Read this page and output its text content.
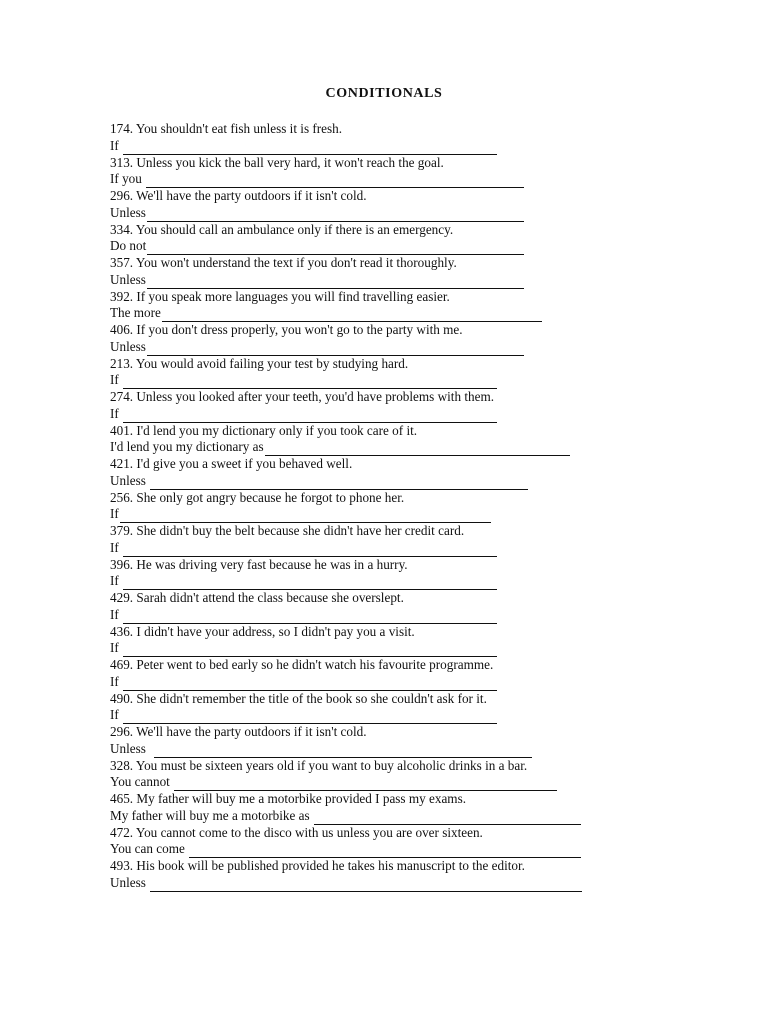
CONDITIONALS
174. You shouldn't eat fish unless it is fresh.
If
313. Unless you kick the ball very hard, it won't reach the goal.
If you
296. We'll have the party outdoors if it isn't cold.
Unless
334. You should call an ambulance only if there is an emergency.
Do not
357. You won't understand the text if you don't read it thoroughly.
Unless
392. If you speak more languages you will find travelling easier.
The more
406. If you don't dress properly, you won't go to the party with me.
Unless
213. You would avoid failing your test by studying hard.
If
274. Unless you looked after your teeth, you'd have problems with them.
If
401. I'd lend you my dictionary only if you took care of it.
I'd lend you my dictionary as
421. I'd give you a sweet if you behaved well.
Unless
256. She only got angry because he forgot to phone her.
If
379. She didn't buy the belt because she didn't have her credit card.
If
396. He was driving very fast because he was in a hurry.
If
429. Sarah didn't attend the class because she overslept.
If
436. I didn't have your address, so I didn't pay you a visit.
If
469. Peter went to bed early so he didn't watch his favourite programme.
If
490. She didn't remember the title of the book so she couldn't ask for it.
If
296. We'll have the party outdoors if it isn't cold.
Unless
328. You must be sixteen years old if you want to buy alcoholic drinks in a bar.
You cannot
465. My father will buy me a motorbike provided I pass my exams.
My father will buy me a motorbike as
472. You cannot come to the disco with us unless you are over sixteen.
You can come
493. His book will be published provided he takes his manuscript to the editor.
Unless
